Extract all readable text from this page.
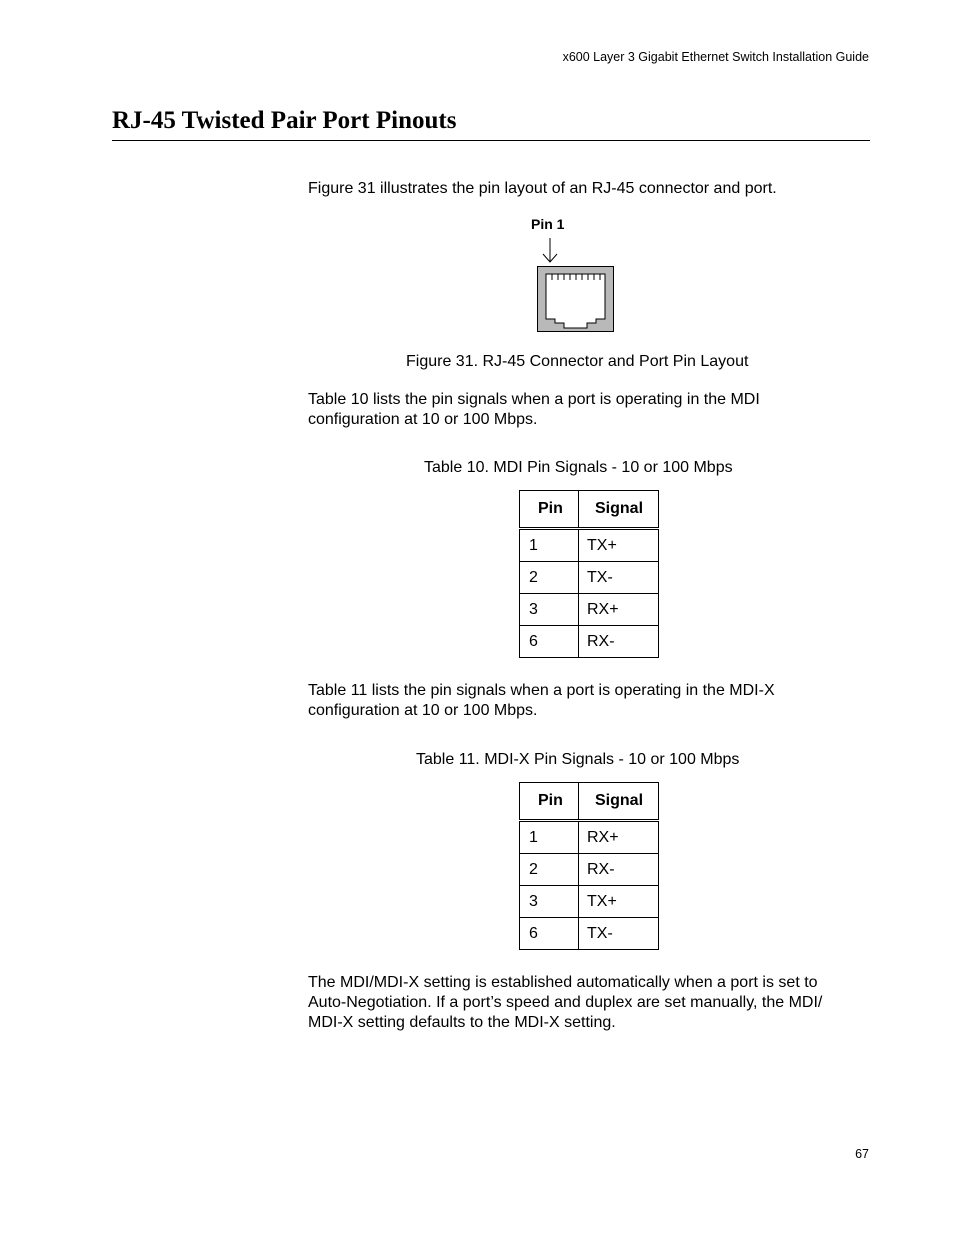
x600 Layer 3 Gigabit Ethernet Switch Installation Guide
RJ-45 Twisted Pair Port Pinouts
Figure 31 illustrates the pin layout of an RJ-45 connector and port.
Pin 1
Figure 31. RJ-45 Connector and Port Pin Layout
Table 10 lists the pin signals when a port is operating in the MDI
configuration at 10 or 100 Mbps.
Table 10. MDI Pin Signals - 10 or 100 Mbps
Pin	Signal
1	TX+
2	TX-
3	RX+
6	RX-
Table 11 lists the pin signals when a port is operating in the MDI-X
configuration at 10 or 100 Mbps.
Table 11. MDI-X Pin Signals - 10 or 100 Mbps
Pin	Signal
1	RX+
2	RX-
3	TX+
6	TX-
The MDI/MDI-X setting is established automatically when a port is set to
Auto-Negotiation. If a port’s speed and duplex are set manually, the MDI/
MDI-X setting defaults to the MDI-X setting.
67
